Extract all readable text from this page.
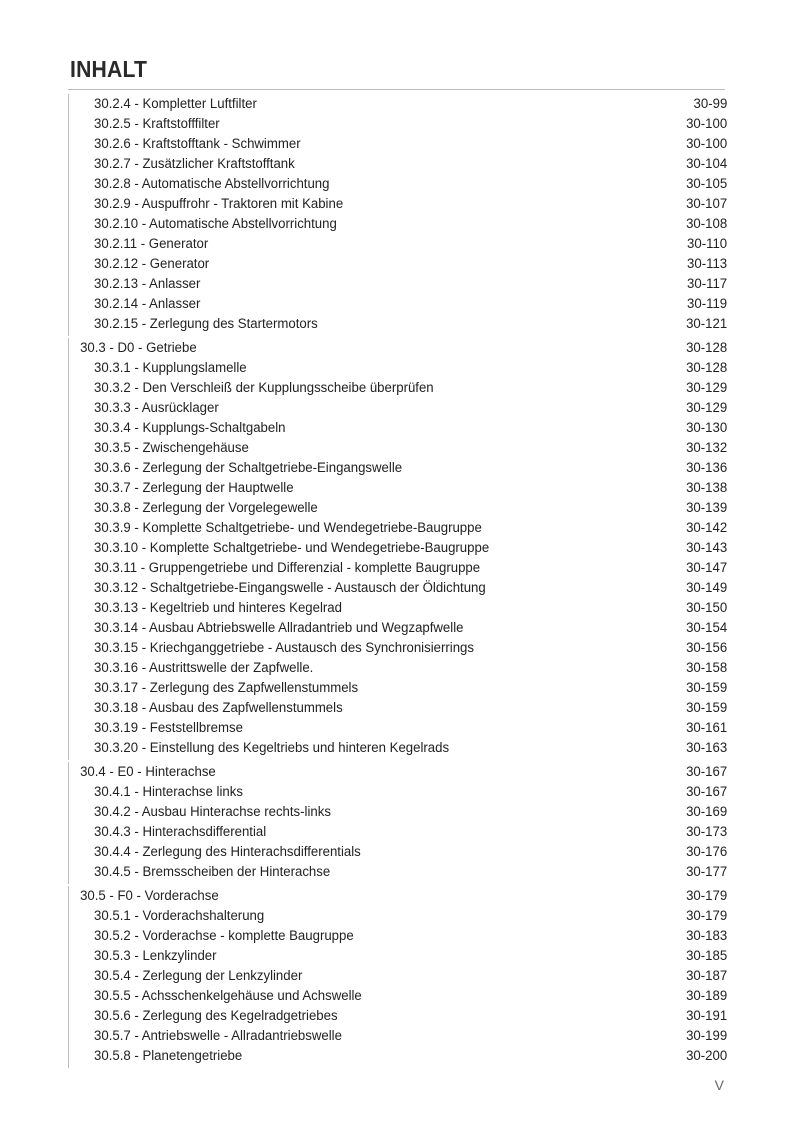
INHALT
30.2.4 - Kompletter Luftfilter	30-99
30.2.5 - Kraftstofffilter	30-100
30.2.6 - Kraftstofftank - Schwimmer	30-100
30.2.7 - Zusätzlicher Kraftstofftank	30-104
30.2.8 - Automatische Abstellvorrichtung	30-105
30.2.9 - Auspuffrohr - Traktoren mit Kabine	30-107
30.2.10 - Automatische Abstellvorrichtung	30-108
30.2.11 - Generator	30-110
30.2.12 - Generator	30-113
30.2.13 - Anlasser	30-117
30.2.14 - Anlasser	30-119
30.2.15 - Zerlegung des Startermotors	30-121
30.3 - D0 - Getriebe	30-128
30.3.1 - Kupplungslamelle	30-128
30.3.2 - Den Verschleiß der Kupplungsscheibe überprüfen	30-129
30.3.3 - Ausrücklager	30-129
30.3.4 - Kupplungs-Schaltgabeln	30-130
30.3.5 - Zwischengehäuse	30-132
30.3.6 - Zerlegung der Schaltgetriebe-Eingangswelle	30-136
30.3.7 - Zerlegung der Hauptwelle	30-138
30.3.8 - Zerlegung der Vorgelegewelle	30-139
30.3.9 - Komplette Schaltgetriebe- und Wendegetriebe-Baugruppe	30-142
30.3.10 - Komplette Schaltgetriebe- und Wendegetriebe-Baugruppe	30-143
30.3.11 - Gruppengetriebe und Differenzial - komplette Baugruppe	30-147
30.3.12 - Schaltgetriebe-Eingangswelle - Austausch der Öldichtung	30-149
30.3.13 - Kegeltrieb und hinteres Kegelrad	30-150
30.3.14 - Ausbau Abtriebswelle Allradantrieb und Wegzapfwelle	30-154
30.3.15 - Kriechganggetriebe - Austausch des Synchronisierrings	30-156
30.3.16 - Austrittswelle der Zapfwelle.	30-158
30.3.17 - Zerlegung des Zapfwellenstummels	30-159
30.3.18 - Ausbau des Zapfwellenstummels	30-159
30.3.19 - Feststellbremse	30-161
30.3.20 - Einstellung des Kegeltriebs und hinteren Kegelrads	30-163
30.4 - E0 - Hinterachse	30-167
30.4.1 - Hinterachse links	30-167
30.4.2 - Ausbau Hinterachse rechts-links	30-169
30.4.3 - Hinterachsdifferential	30-173
30.4.4 - Zerlegung des Hinterachsdifferentials	30-176
30.4.5 - Bremsscheiben der Hinterachse	30-177
30.5 - F0 - Vorderachse	30-179
30.5.1 - Vorderachshalterung	30-179
30.5.2 - Vorderachse - komplette Baugruppe	30-183
30.5.3 - Lenkzylinder	30-185
30.5.4 - Zerlegung der Lenkzylinder	30-187
30.5.5 - Achsschenkelgehäuse und Achswelle	30-189
30.5.6 - Zerlegung des Kegelradgetriebes	30-191
30.5.7 - Antriebswelle - Allradantriebswelle	30-199
30.5.8 - Planetengetriebe	30-200
V
